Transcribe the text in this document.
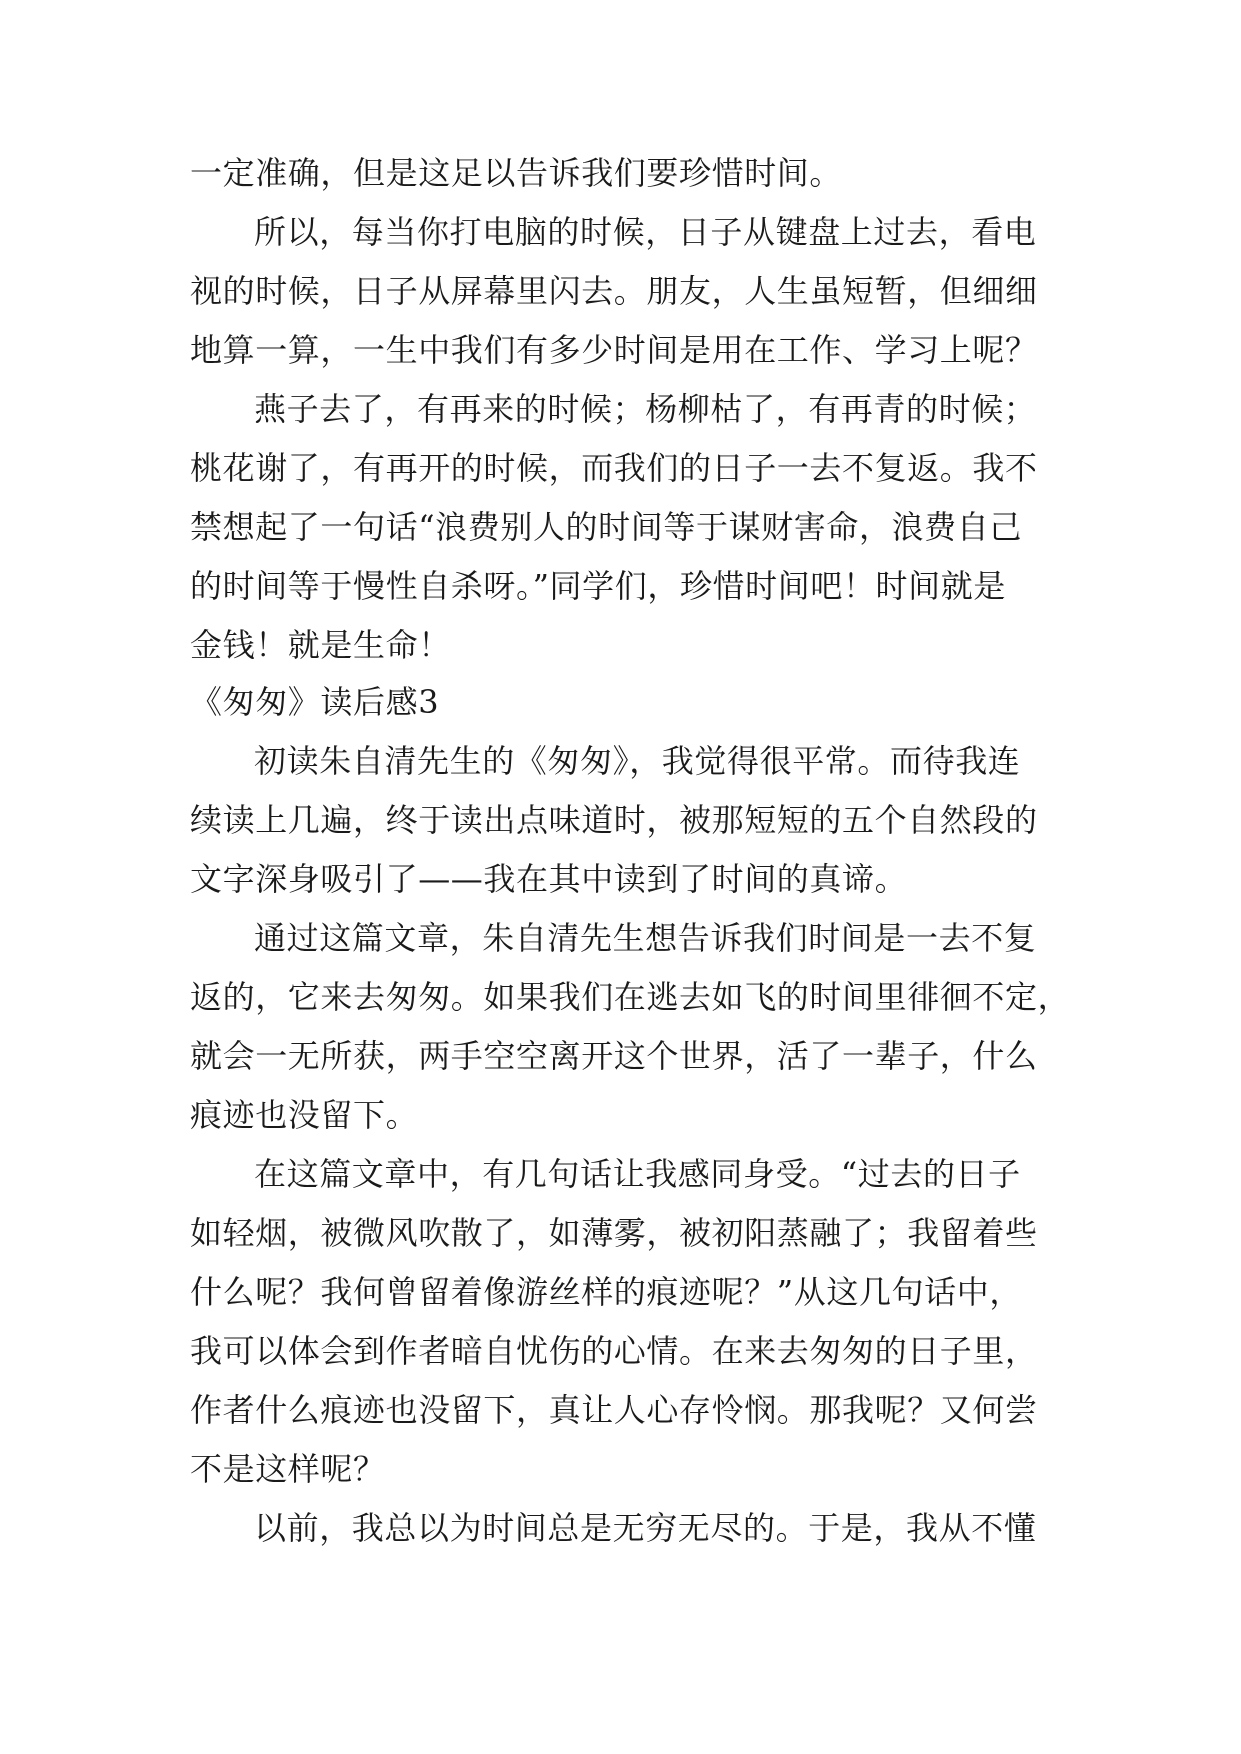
一定准确，但是这足以告诉我们要珍惜时间。
所以，每当你打电脑的时候，日子从键盘上过去，看电
视的时候，日子从屏幕里闪去。朋友，人生虽短暂，但细细
地算一算，一生中我们有多少时间是用在工作、学习上呢？
燕子去了，有再来的时候；杨柳枯了，有再青的时候；
桃花谢了，有再开的时候，而我们的日子一去不复返。我不
禁想起了一句话“浪费别人的时间等于谋财害命，浪费自己
的时间等于慢性自杀呀。”同学们，珍惜时间吧！时间就是
金钱！就是生命！
《匆匆》读后感3
初读朱自清先生的《匆匆》，我觉得很平常。而待我连
续读上几遍，终于读出点味道时，被那短短的五个自然段的
文字深身吸引了——我在其中读到了时间的真谛。
通过这篇文章，朱自清先生想告诉我们时间是一去不复
返的，它来去匆匆。如果我们在逃去如飞的时间里徘徊不定，
就会一无所获，两手空空离开这个世界，活了一辈子，什么
痕迹也没留下。
在这篇文章中，有几句话让我感同身受。“过去的日子
如轻烟，被微风吹散了，如薄雾，被初阳蒸融了；我留着些
什么呢？我何曾留着像游丝样的痕迹呢？”从这几句话中，
我可以体会到作者暗自忧伤的心情。在来去匆匆的日子里，
作者什么痕迹也没留下，真让人心存怜悯。那我呢？又何尝
不是这样呢？
以前，我总以为时间总是无穷无尽的。于是，我从不懂
